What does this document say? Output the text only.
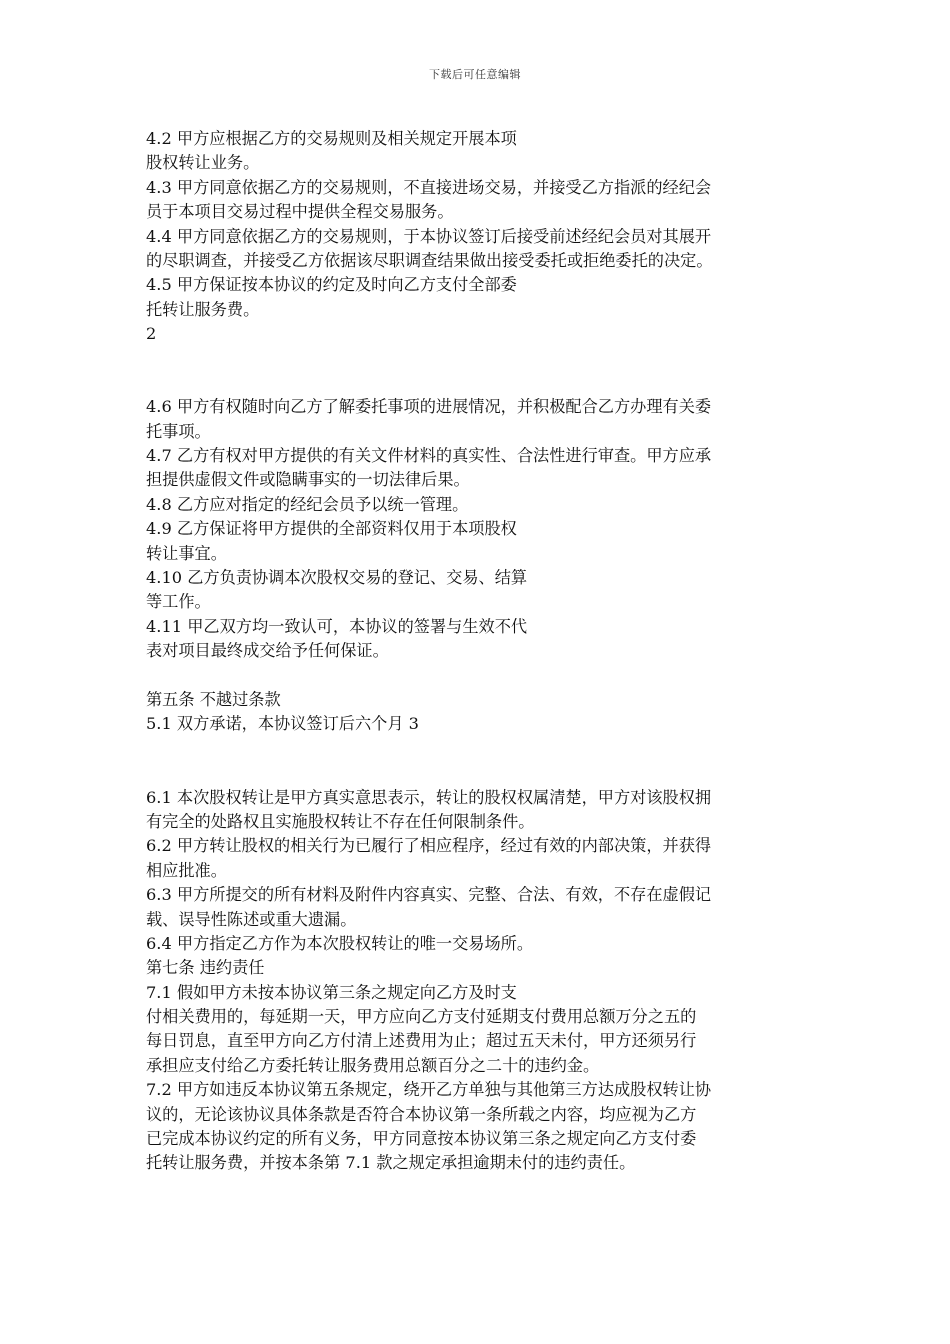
下载后可任意编辑
4.2 甲方应根据乙方的交易规则及相关规定开展本项
股权转让业务。
4.3 甲方同意依据乙方的交易规则，不直接进场交易，并接受乙方指派的经纪会
员于本项目交易过程中提供全程交易服务。
4.4 甲方同意依据乙方的交易规则，于本协议签订后接受前述经纪会员对其展开
的尽职调查，并接受乙方依据该尽职调查结果做出接受委托或拒绝委托的决定。
4.5 甲方保证按本协议的约定及时向乙方支付全部委
托转让服务费。
2
4.6 甲方有权随时向乙方了解委托事项的进展情况，并积极配合乙方办理有关委
托事项。
4.7 乙方有权对甲方提供的有关文件材料的真实性、合法性进行审查。甲方应承
担提供虚假文件或隐瞒事实的一切法律后果。
4.8 乙方应对指定的经纪会员予以统一管理。
4.9 乙方保证将甲方提供的全部资料仅用于本项股权
转让事宜。
4.10 乙方负责协调本次股权交易的登记、交易、结算
等工作。
4.11 甲乙双方均一致认可，本协议的签署与生效不代
表对项目最终成交给予任何保证。
第五条 不越过条款
5.1 双方承诺，本协议签订后六个月 3
6.1 本次股权转让是甲方真实意思表示，转让的股权权属清楚，甲方对该股权拥
有完全的处路权且实施股权转让不存在任何限制条件。
6.2 甲方转让股权的相关行为已履行了相应程序，经过有效的内部决策，并获得
相应批准。
6.3 甲方所提交的所有材料及附件内容真实、完整、合法、有效，不存在虚假记
载、误导性陈述或重大遗漏。
6.4 甲方指定乙方作为本次股权转让的唯一交易场所。
第七条 违约责任
7.1 假如甲方未按本协议第三条之规定向乙方及时支
付相关费用的，每延期一天，甲方应向乙方支付延期支付费用总额万分之五的
每日罚息，直至甲方向乙方付清上述费用为止；超过五天未付，甲方还须另行
承担应支付给乙方委托转让服务费用总额百分之二十的违约金。
7.2 甲方如违反本协议第五条规定，绕开乙方单独与其他第三方达成股权转让协
议的，无论该协议具体条款是否符合本协议第一条所载之内容，均应视为乙方
已完成本协议约定的所有义务，甲方同意按本协议第三条之规定向乙方支付委
托转让服务费，并按本条第 7.1 款之规定承担逾期未付的违约责任。
